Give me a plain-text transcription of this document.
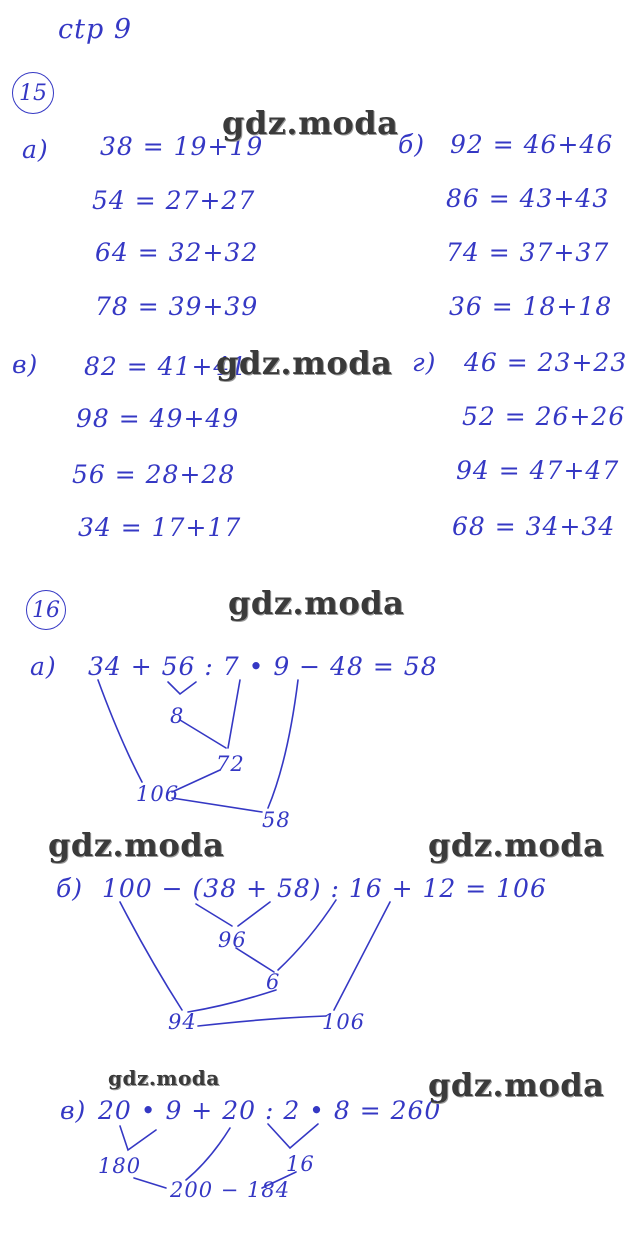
ctp 9
15
a) 38 = 19+19
54 = 27+27
64 = 32+32
78 = 39+39
б) 92 = 46+46
86 = 43+43
74 = 37+37
36 = 18+18
в) 82 = 41+41
98 = 49+49
56 = 28+28
34 = 17+17
г) 46 = 23+23
52 = 26+26
94 = 47+47
68 = 34+34
16
a) 34 + 56 : 7 • 9 − 48 = 58
8
72
106
58
б) 100 − (38 + 58) : 16 + 12 = 106
96
6
94	106
в) 20 • 9 + 20 : 2 • 8 = 260
180	16
200 − 184
gdz.moda
gdz.moda
gdz.moda
gdz.moda	gdz.moda
gdz.moda	gdz.moda
